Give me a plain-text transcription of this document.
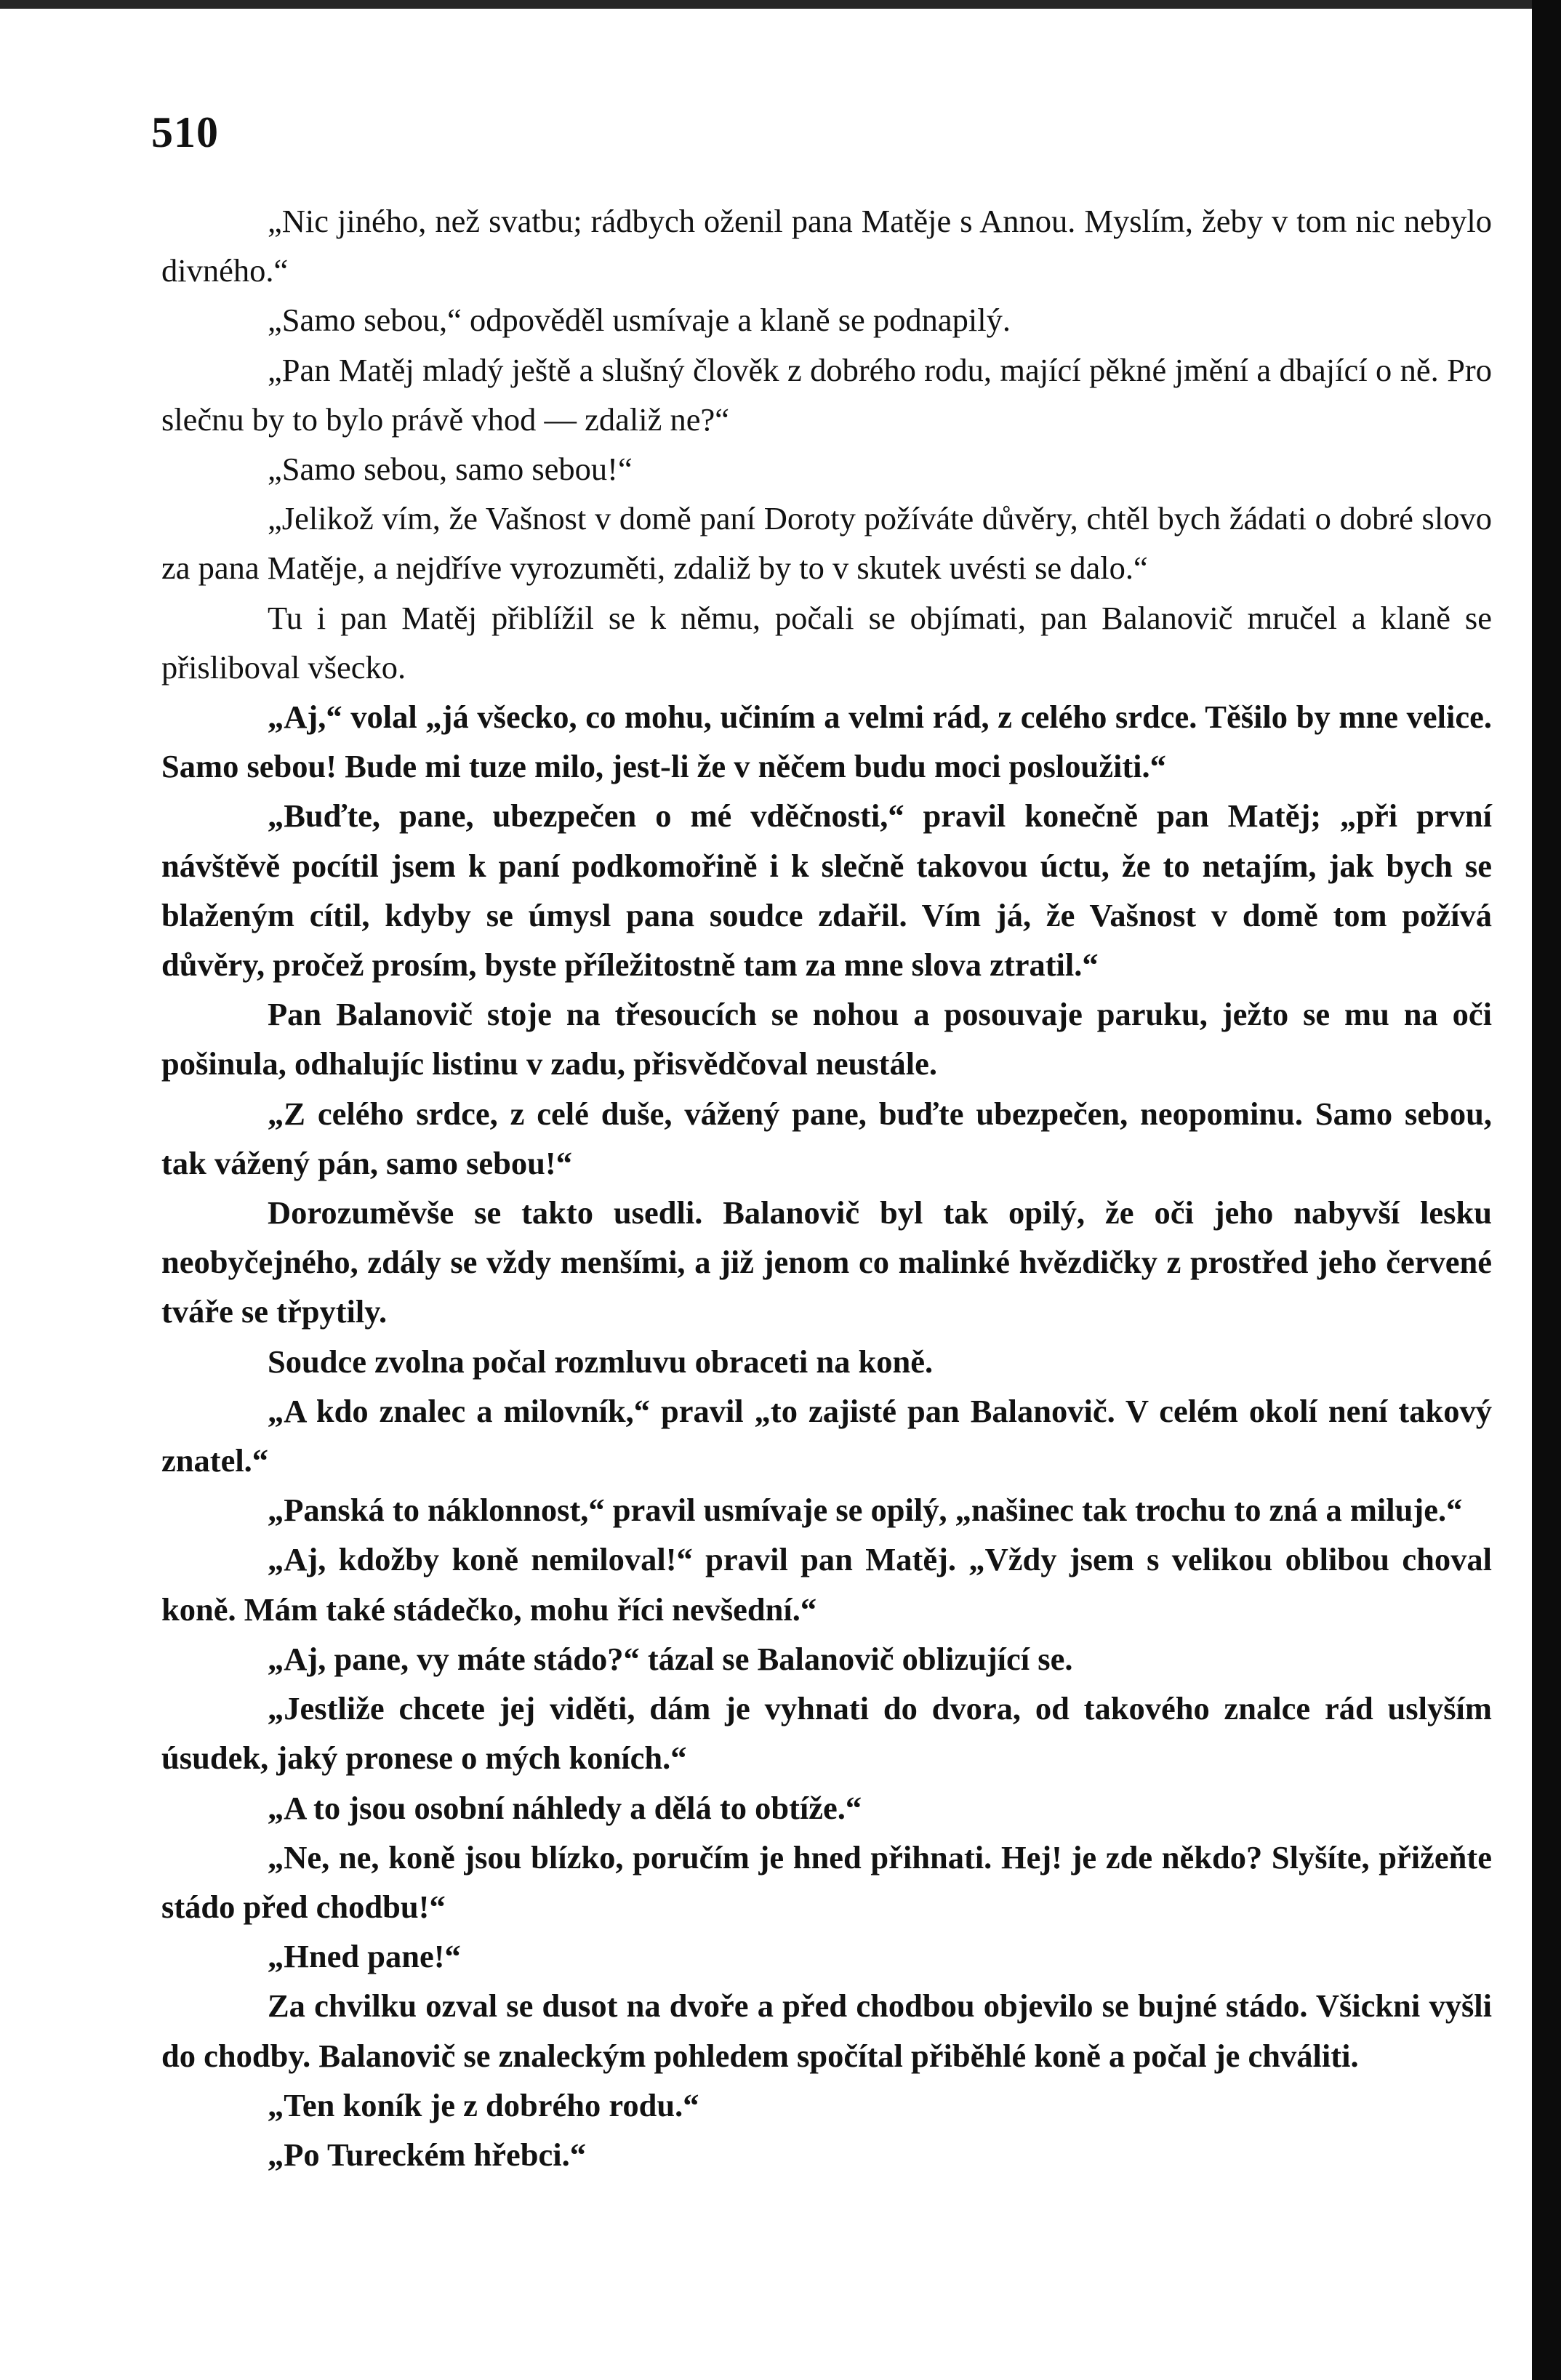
510

„Nic jiného, než svatbu; rádbych oženil pana Matěje s Annou. Myslím, žeby v tom nic nebylo divného.“

„Samo sebou,“ odpověděl usmívaje a klaně se podnapilý.

„Pan Matěj mladý ještě a slušný člověk z dobrého rodu, mající pěkné jmění a dbající o ně. Pro slečnu by to bylo právě vhod — zdaliž ne?“

„Samo sebou, samo sebou!“

„Jelikož vím, že Vašnost v domě paní Doroty požíváte důvěry, chtěl bych žádati o dobré slovo za pana Matěje, a nejdříve vyrozuměti, zdaliž by to v skutek uvésti se dalo.“

Tu i pan Matěj přiblížil se k němu, počali se objímati, pan Balanovič mručel a klaně se přisliboval všecko.

„Aj,“ volal „já všecko, co mohu, učiním a velmi rád, z celého srdce. Těšilo by mne velice. Samo sebou! Bude mi tuze milo, jest-li že v něčem budu moci posloužiti.“

„Buďte, pane, ubezpečen o mé vděčnosti,“ pravil konečně pan Matěj; „při první návštěvě pocítil jsem k paní podkomořině i k slečně takovou úctu, že to netajím, jak bych se blaženým cítil, kdyby se úmysl pana soudce zdařil. Vím já, že Vašnost v domě tom požívá důvěry, pročež prosím, byste příležitostně tam za mne slova ztratil.“

Pan Balanovič stoje na třesoucích se nohou a posouvaje paruku, ježto se mu na oči pošinula, odhalujíc listinu v zadu, přisvědčoval neustále.

„Z celého srdce, z celé duše, vážený pane, buďte ubezpečen, neopominu. Samo sebou, tak vážený pán, samo sebou!“

Dorozuměvše se takto usedli. Balanovič byl tak opilý, že oči jeho nabyvší lesku neobyčejného, zdály se vždy menšími, a již jenom co malinké hvězdičky z prostřed jeho červené tváře se třpytily.

Soudce zvolna počal rozmluvu obraceti na koně.

„A kdo znalec a milovník,“ pravil „to zajisté pan Balanovič. V celém okolí není takový znatel.“

„Panská to náklonnost,“ pravil usmívaje se opilý, „našinec tak trochu to zná a miluje.“

„Aj, kdožby koně nemiloval!“ pravil pan Matěj. „Vždy jsem s velikou oblibou choval koně. Mám také stádečko, mohu říci nevšední.“

„Aj, pane, vy máte stádo?“ tázal se Balanovič oblizující se.

„Jestliže chcete jej viděti, dám je vyhnati do dvora, od takového znalce rád uslyším úsudek, jaký pronese o mých koních.“

„A to jsou osobní náhledy a dělá to obtíže.“

„Ne, ne, koně jsou blízko, poručím je hned přihnati. Hej! je zde někdo? Slyšíte, přižeňte stádo před chodbu!“

„Hned pane!“

Za chvilku ozval se dusot na dvoře a před chodbou objevilo se bujné stádo. Všickni vyšli do chodby. Balanovič se znaleckým pohledem spočítal přiběhlé koně a počal je chváliti.

„Ten koník je z dobrého rodu.“

„Po Tureckém hřebci.“
